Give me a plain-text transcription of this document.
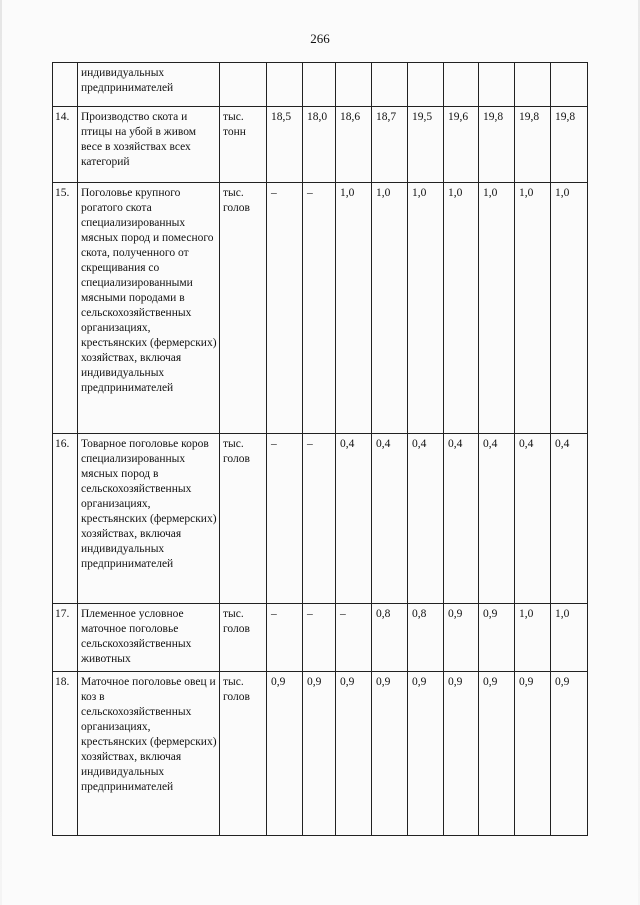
266
	индивидуальных предпринимателей										
14.	Производство скота и птицы на убой в живом весе в хозяйствах всех категорий	тыс. тонн	18,5	18,0	18,6	18,7	19,5	19,6	19,8	19,8	19,8
15.	Поголовье крупного рогатого скота специализированных мясных пород и помесного скота, полученного от скрещивания со специализированными мясными породами в сельскохозяйственных организациях, крестьянских (фермерских) хозяйствах, включая индивидуальных предпринимателей	тыс. голов	–	–	1,0	1,0	1,0	1,0	1,0	1,0	1,0
16.	Товарное поголовье коров специализированных мясных пород в сельскохозяйственных организациях, крестьянских (фермерских) хозяйствах, включая индивидуальных предпринимателей	тыс. голов	–	–	0,4	0,4	0,4	0,4	0,4	0,4	0,4
17.	Племенное условное маточное поголовье сельскохозяйственных животных	тыс. голов	–	–	–	0,8	0,8	0,9	0,9	1,0	1,0
18.	Маточное поголовье овец и коз в сельскохозяйственных организациях, крестьянских (фермерских) хозяйствах, включая индивидуальных предпринимателей	тыс. голов	0,9	0,9	0,9	0,9	0,9	0,9	0,9	0,9	0,9
